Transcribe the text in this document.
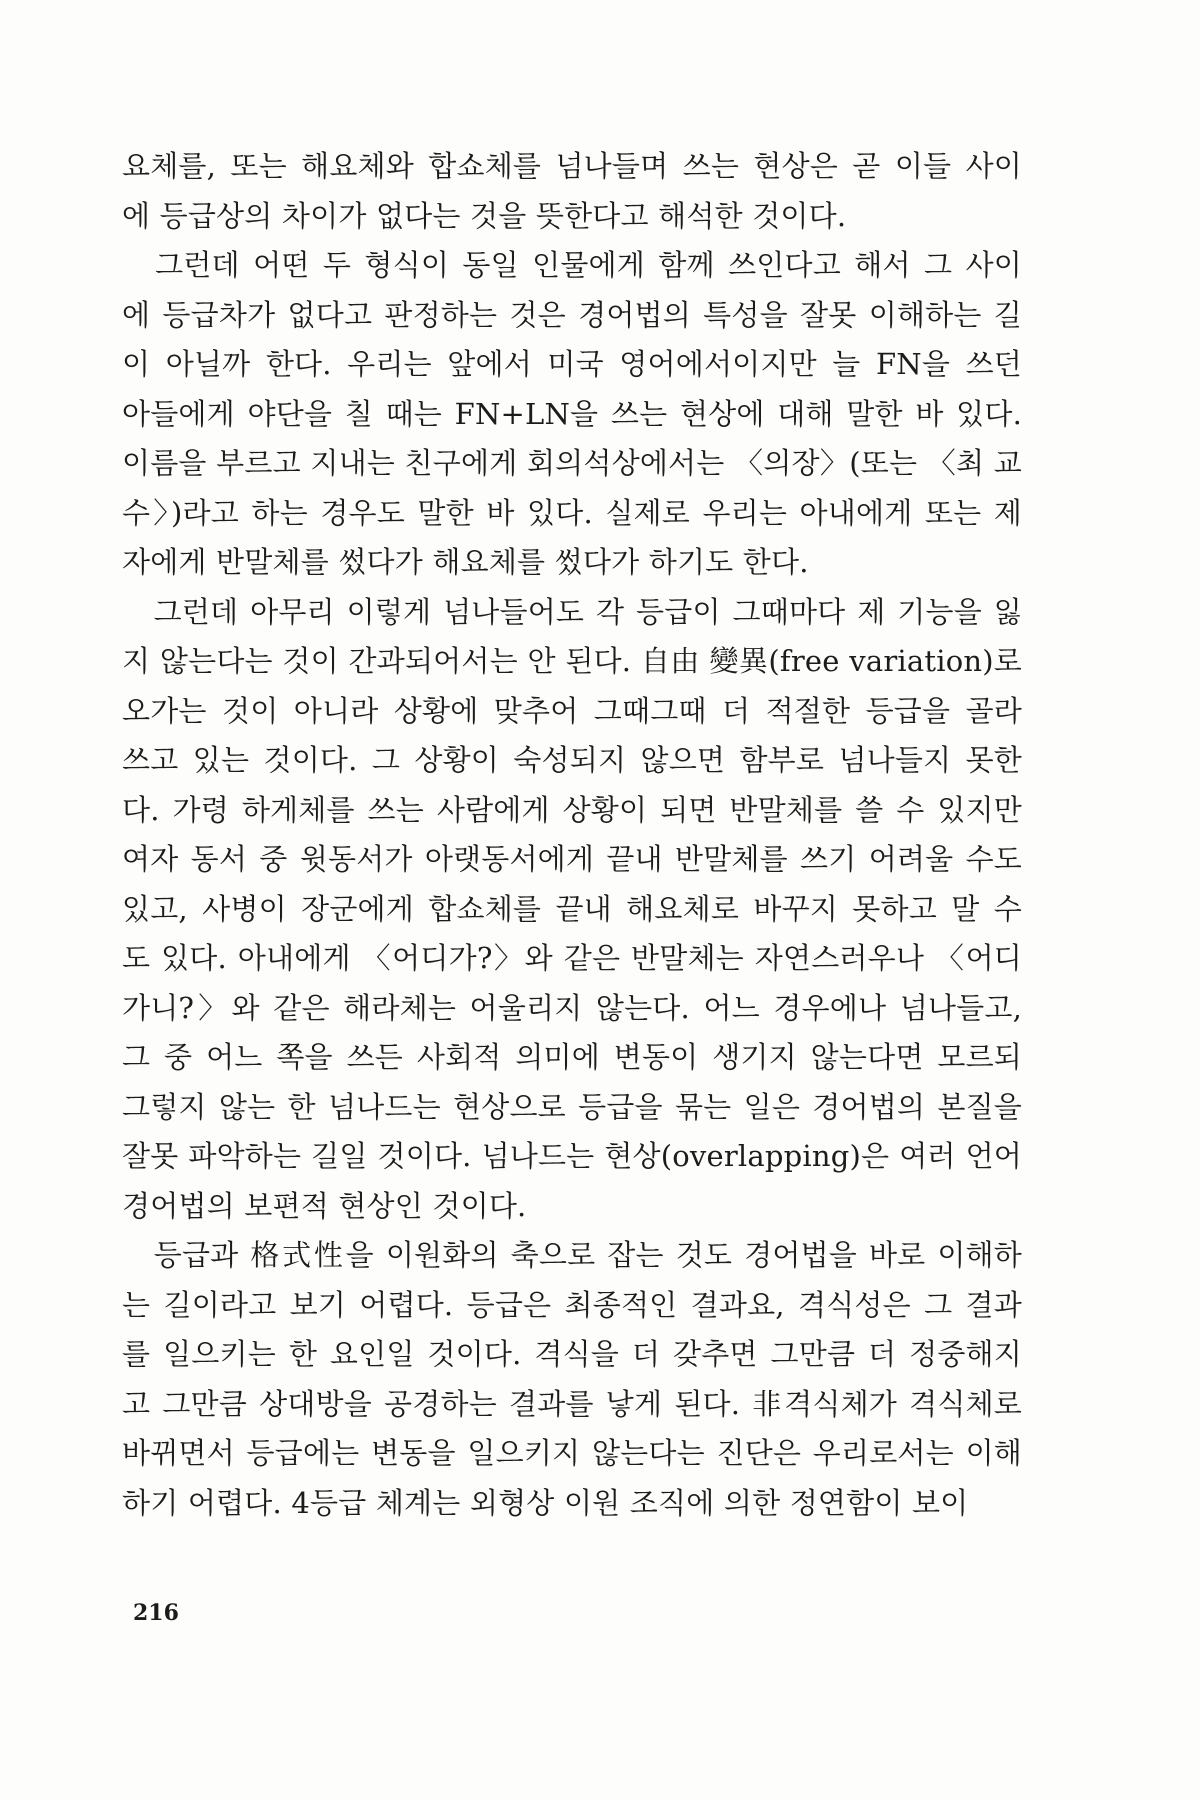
요체를, 또는 해요체와 합쇼체를 넘나들며 쓰는 현상은 곧 이들 사이
에 등급상의 차이가 없다는 것을 뜻한다고 해석한 것이다.
　그런데 어떤 두 형식이 동일 인물에게 함께 쓰인다고 해서 그 사이
에 등급차가 없다고 판정하는 것은 경어법의 특성을 잘못 이해하는 길
이 아닐까 한다. 우리는 앞에서 미국 영어에서이지만 늘 FN을 쓰던
아들에게 야단을 칠 때는 FN+LN을 쓰는 현상에 대해 말한 바 있다.
이름을 부르고 지내는 친구에게 회의석상에서는 〈의장〉(또는 〈최 교
수〉)라고 하는 경우도 말한 바 있다. 실제로 우리는 아내에게 또는 제
자에게 반말체를 썼다가 해요체를 썼다가 하기도 한다.
　그런데 아무리 이렇게 넘나들어도 각 등급이 그때마다 제 기능을 잃
지 않는다는 것이 간과되어서는 안 된다. 自由 變異(free variation)로
오가는 것이 아니라 상황에 맞추어 그때그때 더 적절한 등급을 골라
쓰고 있는 것이다. 그 상황이 숙성되지 않으면 함부로 넘나들지 못한
다. 가령 하게체를 쓰는 사람에게 상황이 되면 반말체를 쓸 수 있지만
여자 동서 중 윗동서가 아랫동서에게 끝내 반말체를 쓰기 어려울 수도
있고, 사병이 장군에게 합쇼체를 끝내 해요체로 바꾸지 못하고 말 수
도 있다. 아내에게 〈어디가?〉와 같은 반말체는 자연스러우나 〈어디
가니?〉와 같은 해라체는 어울리지 않는다. 어느 경우에나 넘나들고,
그 중 어느 쪽을 쓰든 사회적 의미에 변동이 생기지 않는다면 모르되
그렇지 않는 한 넘나드는 현상으로 등급을 묶는 일은 경어법의 본질을
잘못 파악하는 길일 것이다. 넘나드는 현상(overlapping)은 여러 언어
경어법의 보편적 현상인 것이다.
　등급과 格式性을 이원화의 축으로 잡는 것도 경어법을 바로 이해하
는 길이라고 보기 어렵다. 등급은 최종적인 결과요, 격식성은 그 결과
를 일으키는 한 요인일 것이다. 격식을 더 갖추면 그만큼 더 정중해지
고 그만큼 상대방을 공경하는 결과를 낳게 된다. 非격식체가 격식체로
바뀌면서 등급에는 변동을 일으키지 않는다는 진단은 우리로서는 이해
하기 어렵다. 4등급 체계는 외형상 이원 조직에 의한 정연함이 보이
216
